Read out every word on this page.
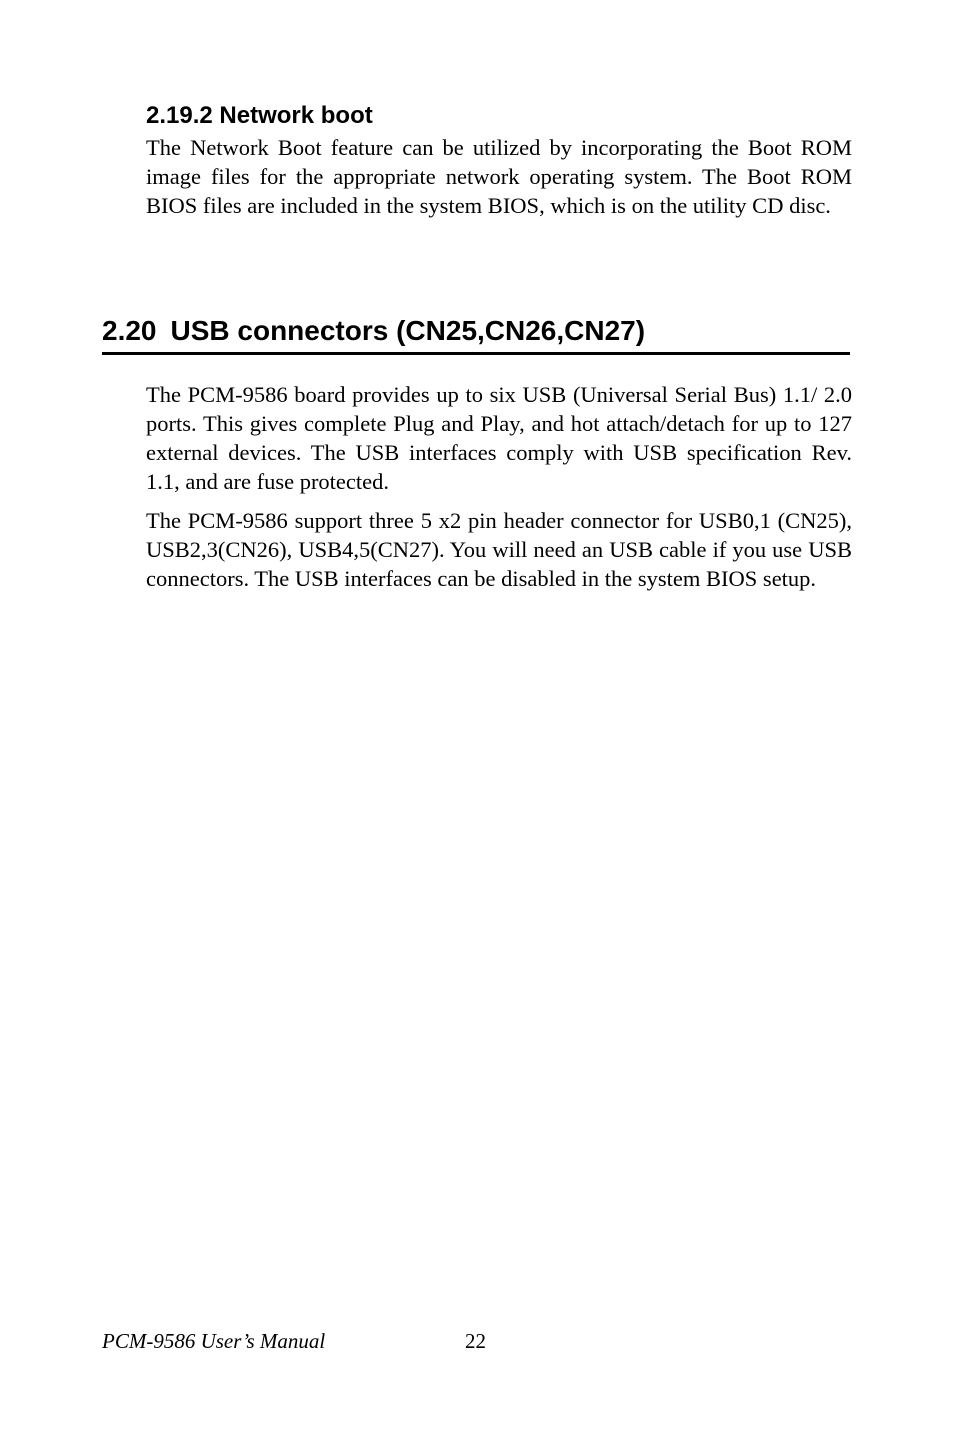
2.19.2 Network boot

The Network Boot feature can be utilized by incorporating the Boot ROM image files for the appropriate network operating system. The Boot ROM BIOS files are included in the system BIOS, which is on the utility CD disc.

2.20 USB connectors (CN25,CN26,CN27)

The PCM-9586 board provides up to six USB (Universal Serial Bus) 1.1/ 2.0 ports. This gives complete Plug and Play, and hot attach/detach for up to 127 external devices. The USB interfaces comply with USB specification Rev. 1.1, and are fuse protected.

The PCM-9586 support three 5 x2 pin header connector for USB0,1 (CN25), USB2,3(CN26), USB4,5(CN27). You will need an USB cable if you use USB connectors. The USB interfaces can be disabled in the system BIOS setup.

PCM-9586 User’s Manual	22
